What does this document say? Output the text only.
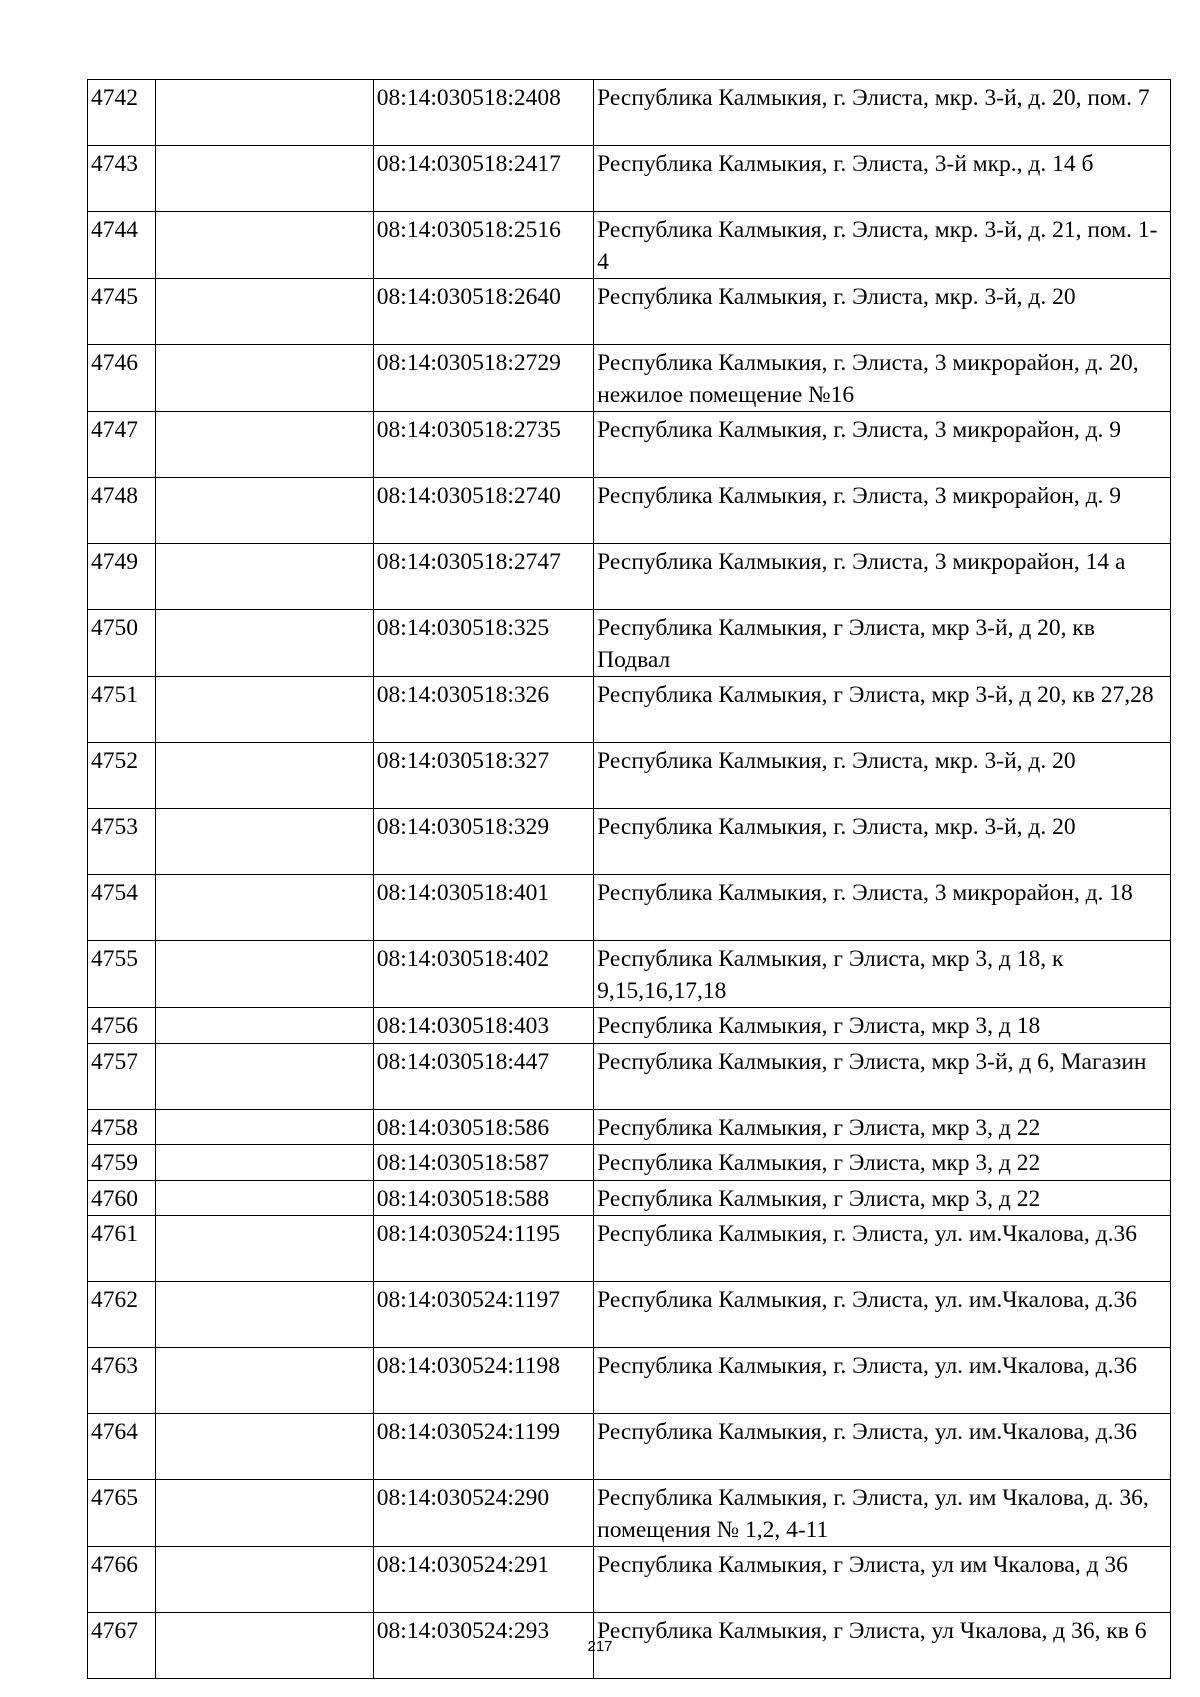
4742		08:14:030518:2408	Республика Калмыкия, г. Элиста, мкр. 3-й, д. 20, пом. 7
4743		08:14:030518:2417	Республика Калмыкия, г. Элиста, 3-й мкр., д. 14 б
4744		08:14:030518:2516	Республика Калмыкия, г. Элиста, мкр. 3-й, д. 21, пом. 1-4
4745		08:14:030518:2640	Республика Калмыкия, г. Элиста, мкр. 3-й, д. 20
4746		08:14:030518:2729	Республика Калмыкия, г. Элиста, 3 микрорайон, д. 20, нежилое помещение №16
4747		08:14:030518:2735	Республика Калмыкия, г. Элиста, 3 микрорайон, д. 9
4748		08:14:030518:2740	Республика Калмыкия, г. Элиста, 3 микрорайон, д. 9
4749		08:14:030518:2747	Республика Калмыкия, г. Элиста, 3 микрорайон, 14 а
4750		08:14:030518:325	Республика Калмыкия, г Элиста, мкр 3-й, д 20, кв Подвал
4751		08:14:030518:326	Республика Калмыкия, г Элиста, мкр 3-й, д 20, кв 27,28
4752		08:14:030518:327	Республика Калмыкия, г. Элиста, мкр. 3-й, д. 20
4753		08:14:030518:329	Республика Калмыкия, г. Элиста, мкр. 3-й, д. 20
4754		08:14:030518:401	Республика Калмыкия, г. Элиста, 3 микрорайон, д. 18
4755		08:14:030518:402	Республика Калмыкия, г Элиста, мкр 3, д 18, к 9,15,16,17,18
4756		08:14:030518:403	Республика Калмыкия, г Элиста, мкр 3, д 18
4757		08:14:030518:447	Республика Калмыкия, г Элиста, мкр 3-й, д 6, Магазин
4758		08:14:030518:586	Республика Калмыкия, г Элиста, мкр 3, д 22
4759		08:14:030518:587	Республика Калмыкия, г Элиста, мкр 3, д 22
4760		08:14:030518:588	Республика Калмыкия, г Элиста, мкр 3, д 22
4761		08:14:030524:1195	Республика Калмыкия, г. Элиста, ул. им.Чкалова, д.36
4762		08:14:030524:1197	Республика Калмыкия, г. Элиста, ул. им.Чкалова, д.36
4763		08:14:030524:1198	Республика Калмыкия, г. Элиста, ул. им.Чкалова, д.36
4764		08:14:030524:1199	Республика Калмыкия, г. Элиста, ул. им.Чкалова, д.36
4765		08:14:030524:290	Республика Калмыкия, г. Элиста, ул. им Чкалова, д. 36, помещения № 1,2, 4-11
4766		08:14:030524:291	Республика Калмыкия, г Элиста, ул им Чкалова, д 36
4767		08:14:030524:293	Республика Калмыкия, г Элиста, ул Чкалова, д 36, кв 6
217
